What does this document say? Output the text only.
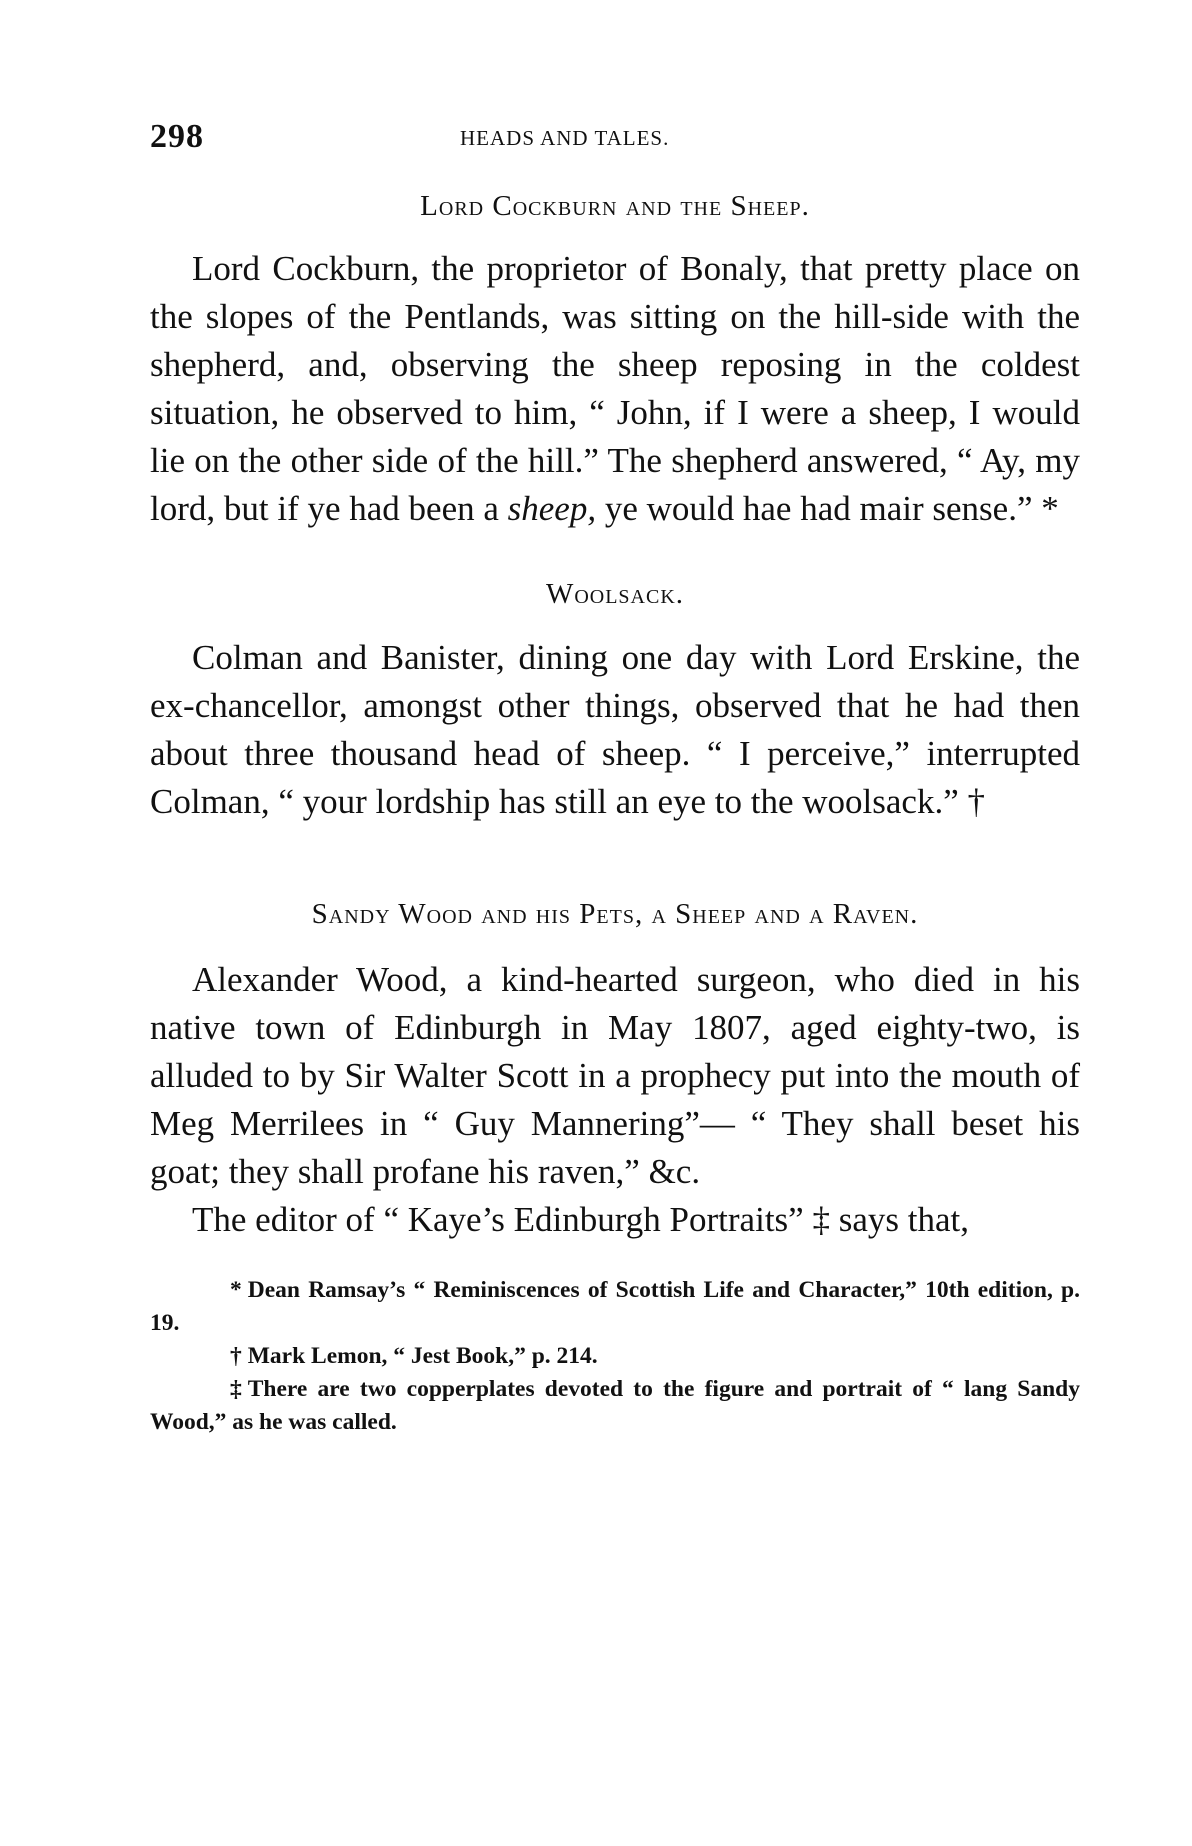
298	HEADS AND TALES.
Lord Cockburn and the Sheep.

Lord Cockburn, the proprietor of Bonaly, that pretty place on the slopes of the Pentlands, was sitting on the hill-side with the shepherd, and, observing the sheep reposing in the coldest situation, he observed to him, “ John, if I were a sheep, I would lie on the other side of the hill.” The shepherd answered, “ Ay, my lord, but if ye had been a sheep, ye would hae had mair sense.” *

Woolsack.

Colman and Banister, dining one day with Lord Erskine, the ex-chancellor, amongst other things, observed that he had then about three thousand head of sheep. “ I perceive,” interrupted Colman, “ your lordship has still an eye to the woolsack.” †

Sandy Wood and his Pets, a Sheep and a Raven.

Alexander Wood, a kind-hearted surgeon, who died in his native town of Edinburgh in May 1807, aged eighty-two, is alluded to by Sir Walter Scott in a prophecy put into the mouth of Meg Merrilees in “ Guy Mannering”— “ They shall beset his goat; they shall profane his raven,” &c.

The editor of “ Kaye’s Edinburgh Portraits” ‡ says that,

* Dean Ramsay’s “ Reminiscences of Scottish Life and Character,” 10th edition, p. 19.

† Mark Lemon, “ Jest Book,” p. 214.

‡ There are two copperplates devoted to the figure and portrait of “ lang Sandy Wood,” as he was called.
